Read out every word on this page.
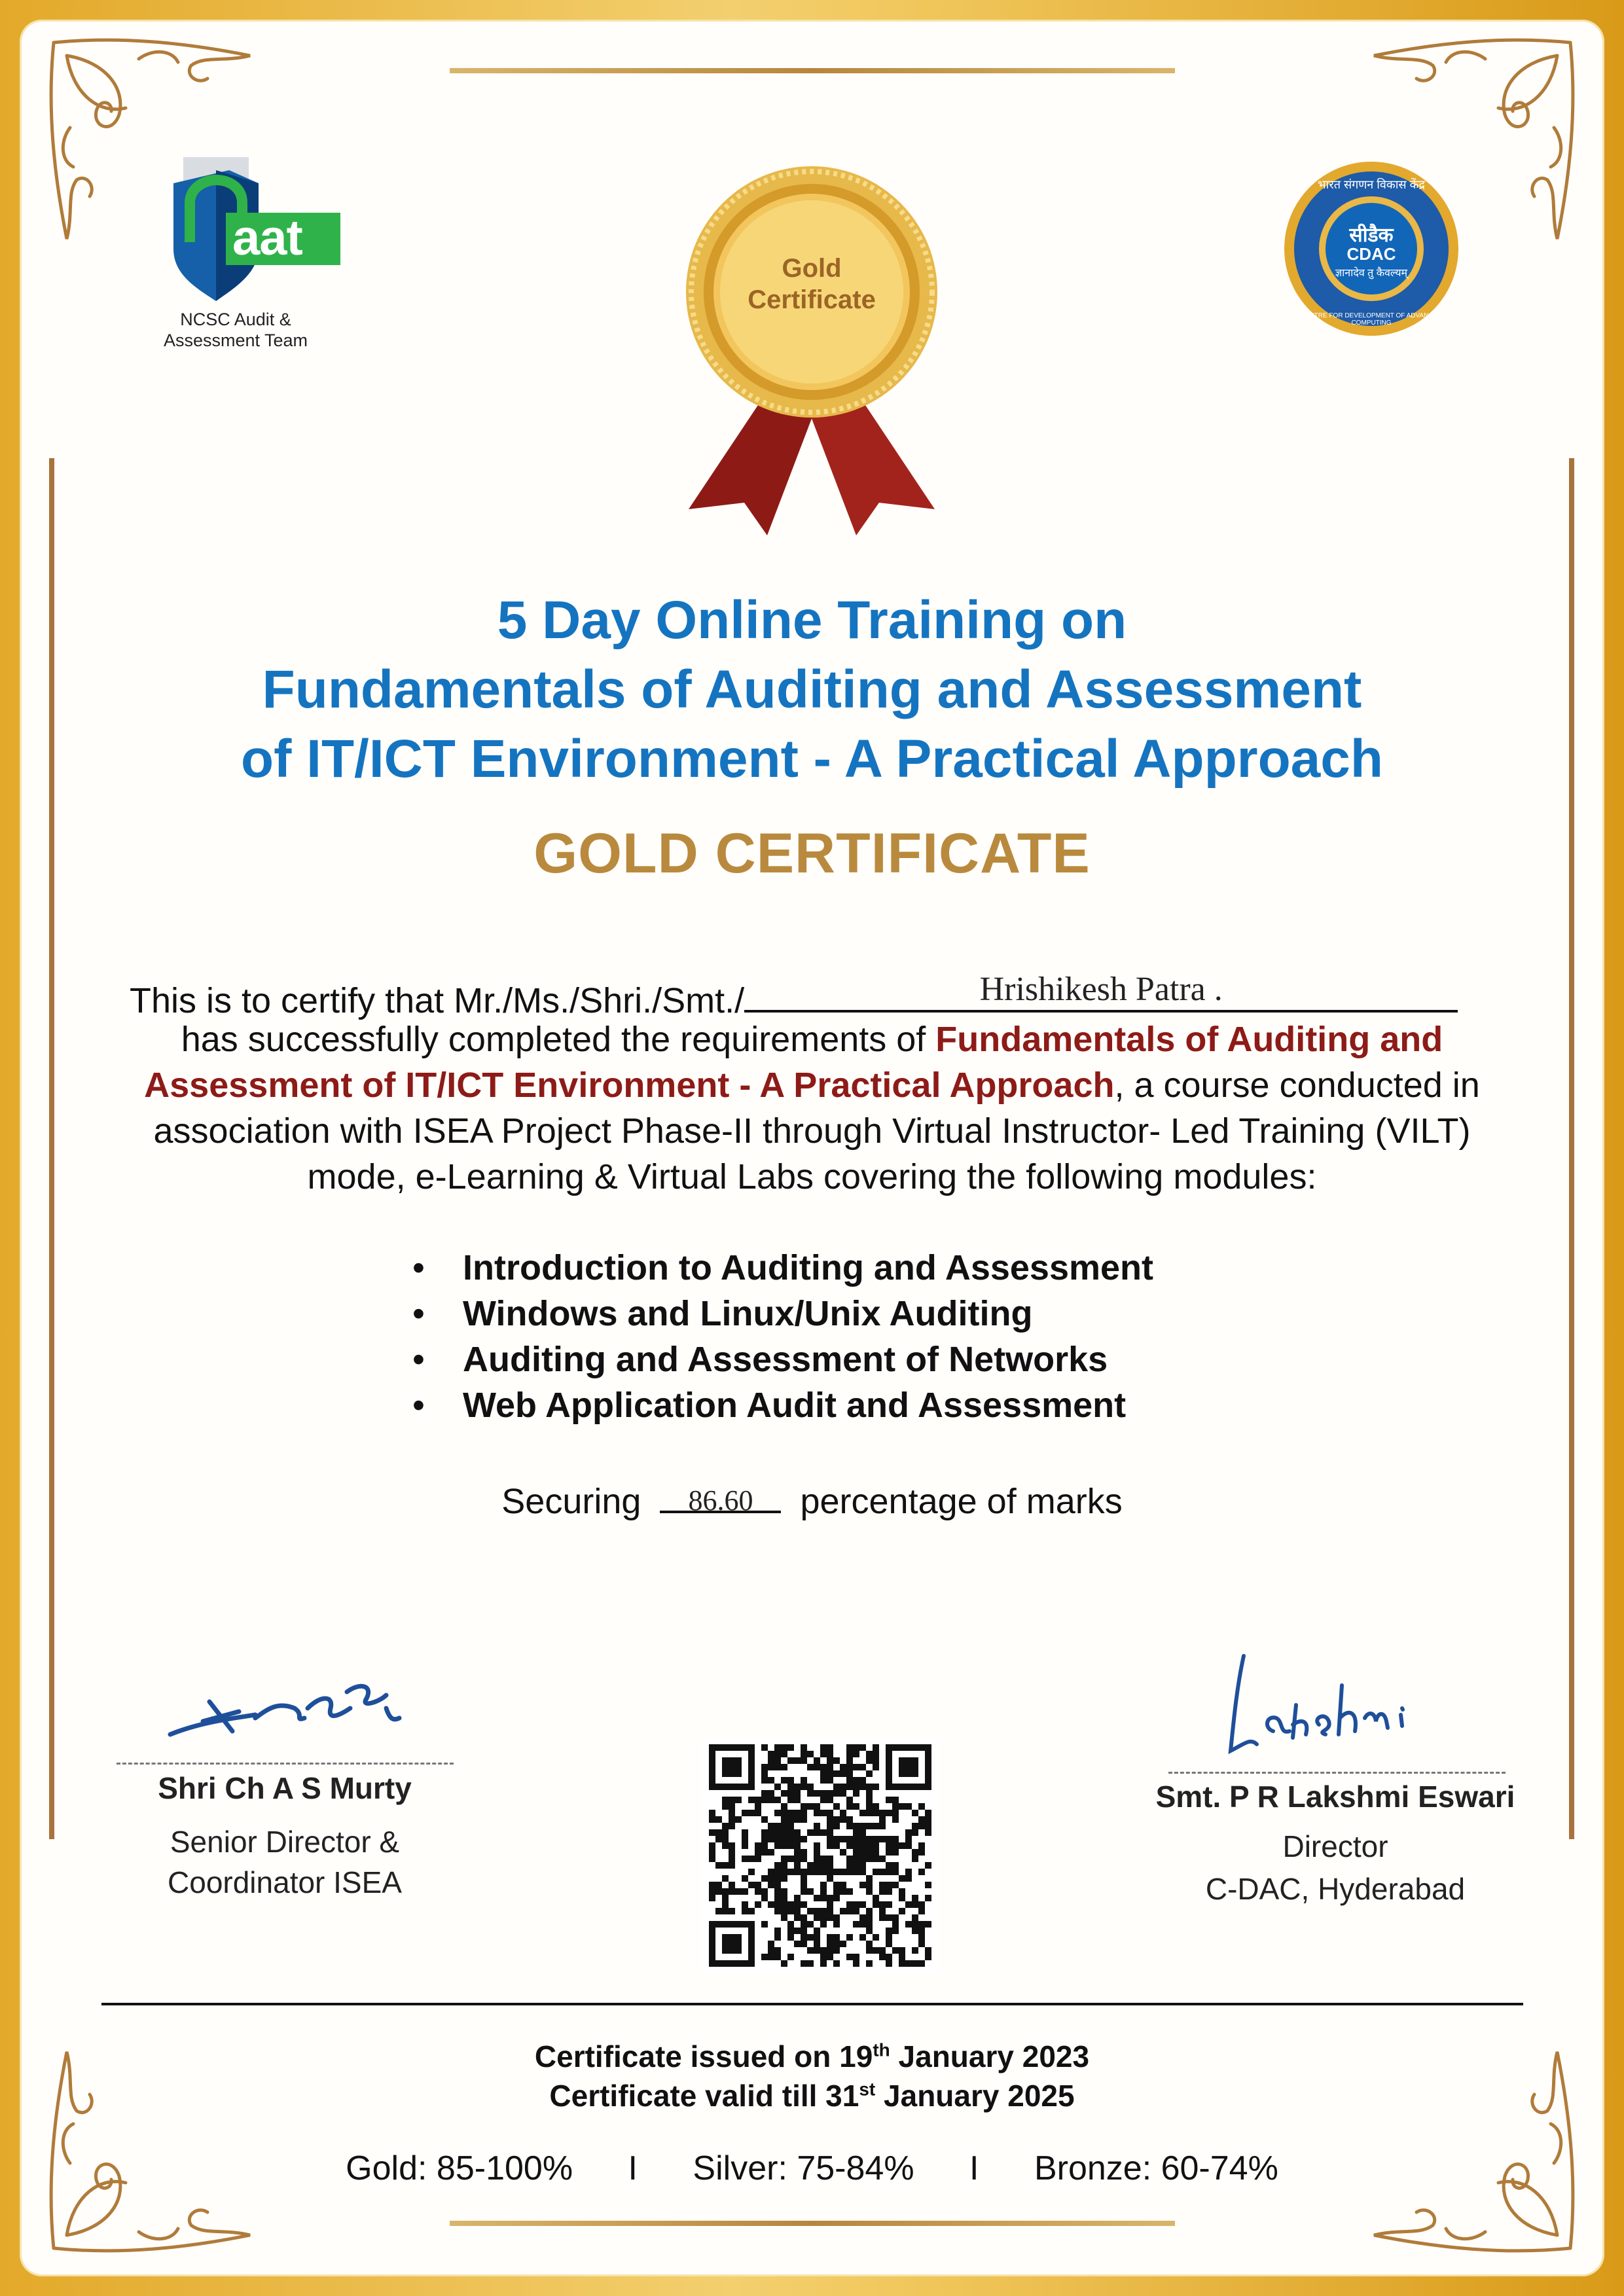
aat
NCSC Audit &
Assessment Team
Gold
Certificate
भारत संगणन विकास केंद्र
CENTRE FOR DEVELOPMENT OF ADVANCED COMPUTING
सीडैक
CDAC
ज्ञानादेव तु कैवल्यम्
5 Day Online Training on
Fundamentals of Auditing and Assessment
of IT/ICT Environment - A Practical Approach
GOLD CERTIFICATE
This is to certify that Mr./Ms./Shri./Smt./	Hrishikesh Patra .
has successfully completed the requirements of Fundamentals of Auditing and
Assessment of IT/ICT Environment - A Practical Approach, a course conducted in
association with ISEA Project Phase-II through Virtual Instructor- Led Training (VILT)
mode, e-Learning & Virtual Labs covering the following modules:
• Introduction to Auditing and Assessment
• Windows and Linux/Unix Auditing
• Auditing and Assessment of Networks
• Web Application Audit and Assessment
Securing	86.60	percentage of marks
Shri Ch A S Murty
Senior Director &
Coordinator ISEA
Smt. P R Lakshmi Eswari
Director
C-DAC, Hyderabad
Certificate issued on 19th January 2023
Certificate valid till 31st January 2025
Gold: 85-100% I Silver: 75-84% I Bronze: 60-74%
